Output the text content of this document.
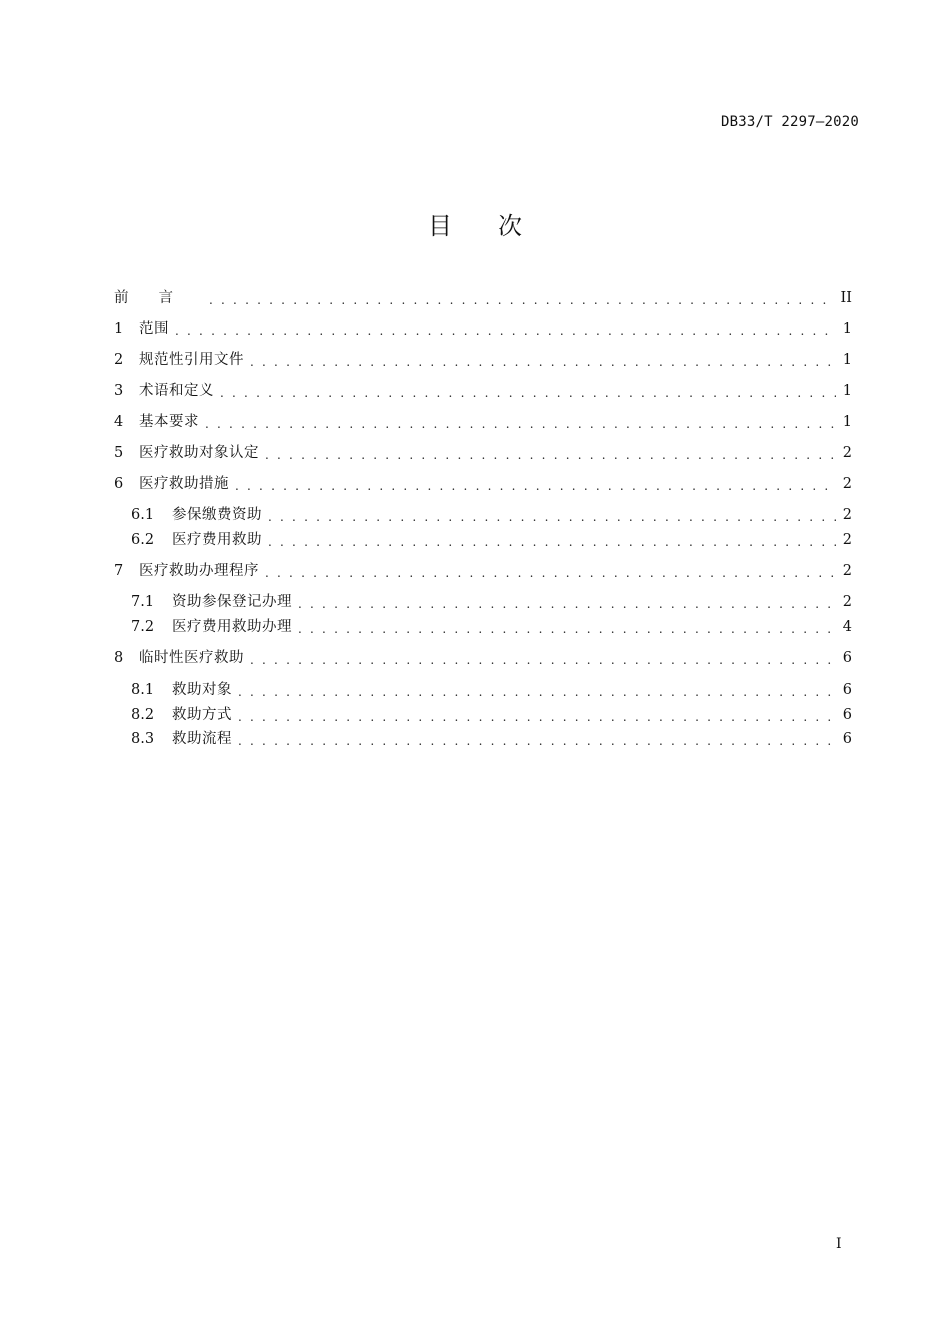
DB33/T 2297—2020
目次
前言 . . .	II
1	范围 . . .	1
2	规范性引用文件 . . .	1
3	术语和定义 . . .	1
4	基本要求 . . .	1
5	医疗救助对象认定 . . .	2
6	医疗救助措施 . . .	2
6.1	参保缴费资助 . . .	2
6.2	医疗费用救助 . . .	2
7	医疗救助办理程序 . . .	2
7.1	资助参保登记办理 . . .	2
7.2	医疗费用救助办理 . . .	4
8	临时性医疗救助 . . .	6
8.1	救助对象 . . .	6
8.2	救助方式 . . .	6
8.3	救助流程 . . .	6
I
